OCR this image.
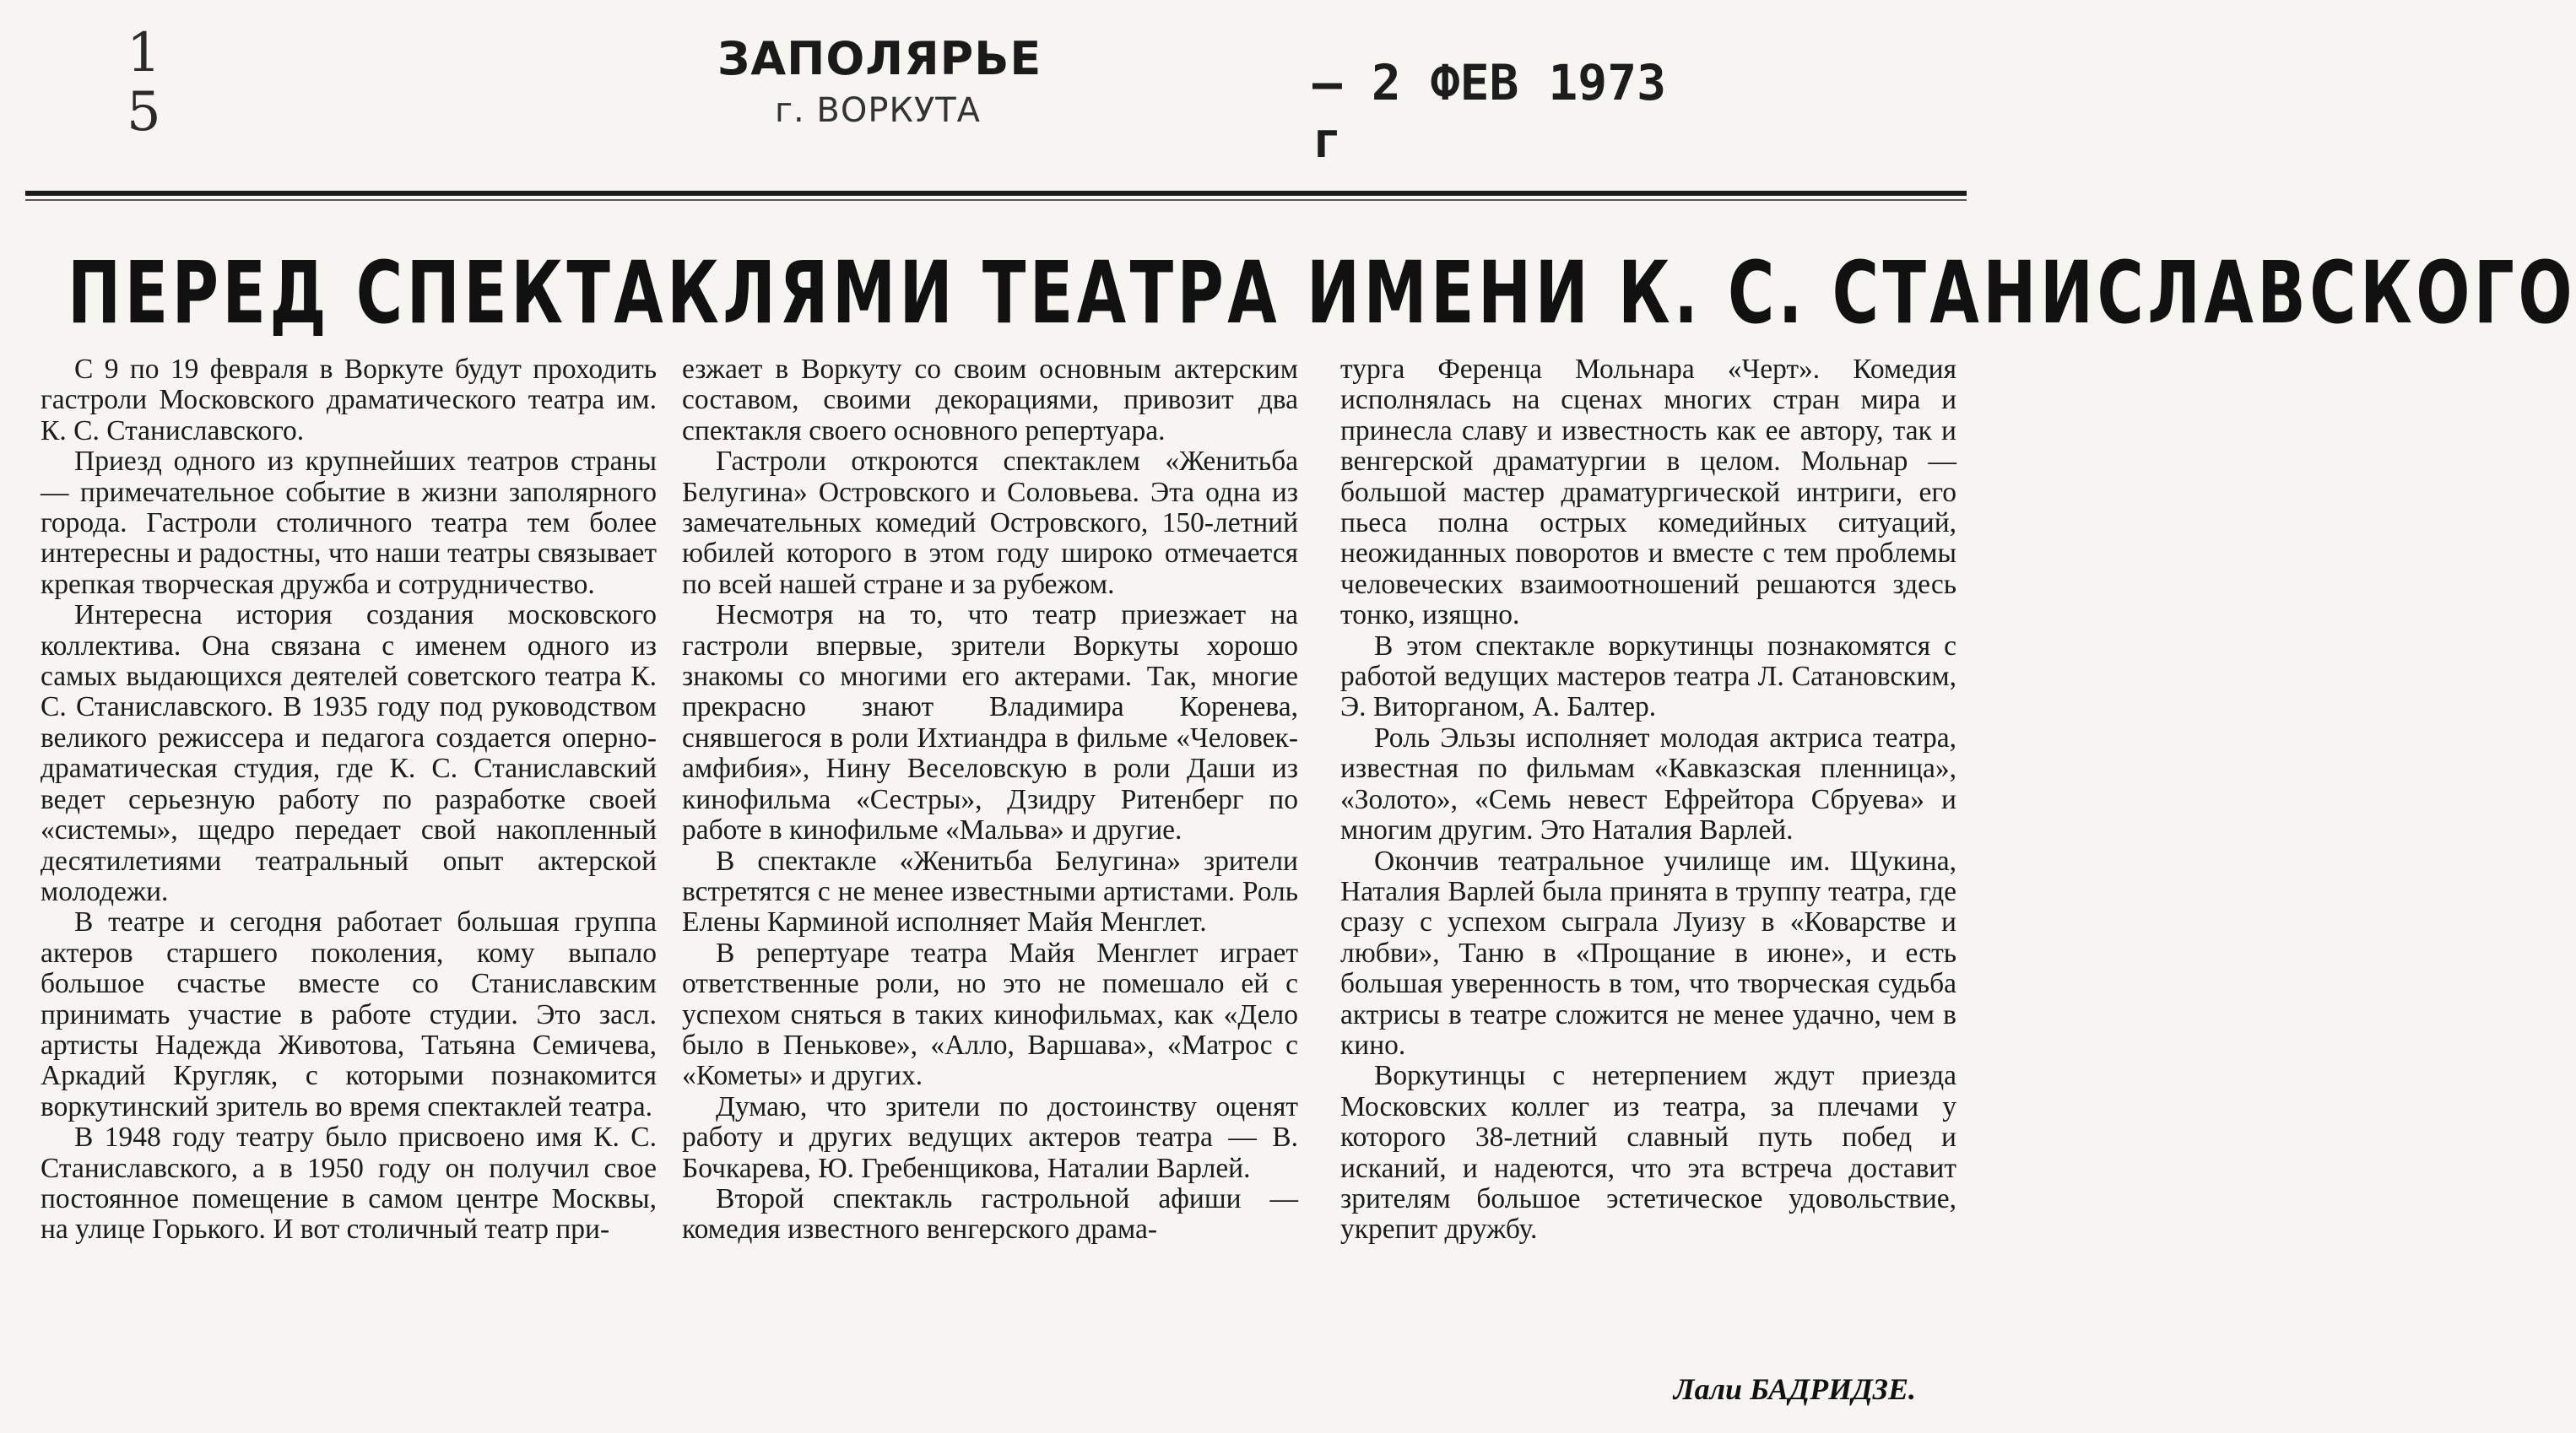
1
5
ЗАПОЛЯРЬЕ
г. ВОРКУТА	– 2 ФЕВ 1973 г
ПЕРЕД СПЕКТАКЛЯМИ ТЕАТРА ИМЕНИ К. С. СТАНИСЛАВСКОГО

С 9 по 19 февраля в Воркуте будут проходить гастроли Московского драматического театра им. К. С. Станиславского.

Приезд одного из крупнейших театров страны — примечательное событие в жизни заполярного города. Гастроли столичного театра тем более интересны и радостны, что наши театры связывает крепкая творческая дружба и сотрудничество.

Интересна история создания московского коллектива. Она связана с именем одного из самых выдающихся деятелей советского театра К. С. Станиславского. В 1935 году под руководством великого режиссера и педагога создается оперно-драматическая студия, где К. С. Станиславский ведет серьезную работу по разработке своей «системы», щедро передает свой накопленный десятилетиями театральный опыт актерской молодежи.

В театре и сегодня работает большая группа актеров старшего поколения, кому выпало большое счастье вместе со Станиславским принимать участие в работе студии. Это засл. артисты Надежда Животова, Татьяна Семичева, Аркадий Кругляк, с которыми познакомится воркутинский зритель во время спектаклей театра.

В 1948 году театру было присвоено имя К. С. Станиславского, а в 1950 году он получил свое постоянное помещение в самом центре Москвы, на улице Горького. И вот столичный театр при-

езжает в Воркуту со своим основным актерским составом, своими декорациями, привозит два спектакля своего основного репертуара.

Гастроли откроются спектаклем «Женитьба Белугина» Островского и Соловьева. Эта одна из замечательных комедий Островского, 150-летний юбилей которого в этом году широко отмечается по всей нашей стране и за рубежом.

Несмотря на то, что театр приезжает на гастроли впервые, зрители Воркуты хорошо знакомы со многими его актерами. Так, многие прекрасно знают Владимира Коренева, снявшегося в роли Ихтиандра в фильме «Человек-амфибия», Нину Веселовскую в роли Даши из кинофильма «Сестры», Дзидру Ритенберг по работе в кинофильме «Мальва» и другие.

В спектакле «Женитьба Белугина» зрители встретятся с не менее известными артистами. Роль Елены Карминой исполняет Майя Менглет.

В репертуаре театра Майя Менглет играет ответственные роли, но это не помешало ей с успехом сняться в таких кинофильмах, как «Дело было в Пенькове», «Алло, Варшава», «Матрос с «Кометы» и других.

Думаю, что зрители по достоинству оценят работу и других ведущих актеров театра — В. Бочкарева, Ю. Гребенщикова, Наталии Варлей.

Второй спектакль гастрольной афиши — комедия известного венгерского драма-

турга Ференца Мольнара «Черт». Комедия исполнялась на сценах многих стран мира и принесла славу и известность как ее автору, так и венгерской драматургии в целом. Мольнар — большой мастер драматургической интриги, его пьеса полна острых комедийных ситуаций, неожиданных поворотов и вместе с тем проблемы человеческих взаимоотношений решаются здесь тонко, изящно.

В этом спектакле воркутинцы познакомятся с работой ведущих мастеров театра Л. Сатановским, Э. Виторганом, А. Балтер.

Роль Эльзы исполняет молодая актриса театра, известная по фильмам «Кавказская пленница», «Золото», «Семь невест Ефрейтора Сбруева» и многим другим. Это Наталия Варлей.

Окончив театральное училище им. Щукина, Наталия Варлей была принята в труппу театра, где сразу с успехом сыграла Луизу в «Коварстве и любви», Таню в «Прощание в июне», и есть большая уверенность в том, что творческая судьба актрисы в театре сложится не менее удачно, чем в кино.

Воркутинцы с нетерпением ждут приезда Московских коллег из театра, за плечами у которого 38-летний славный путь побед и исканий, и надеются, что эта встреча доставит зрителям большое эстетическое удовольствие, укрепит дружбу.

Лали БАДРИДЗЕ.
